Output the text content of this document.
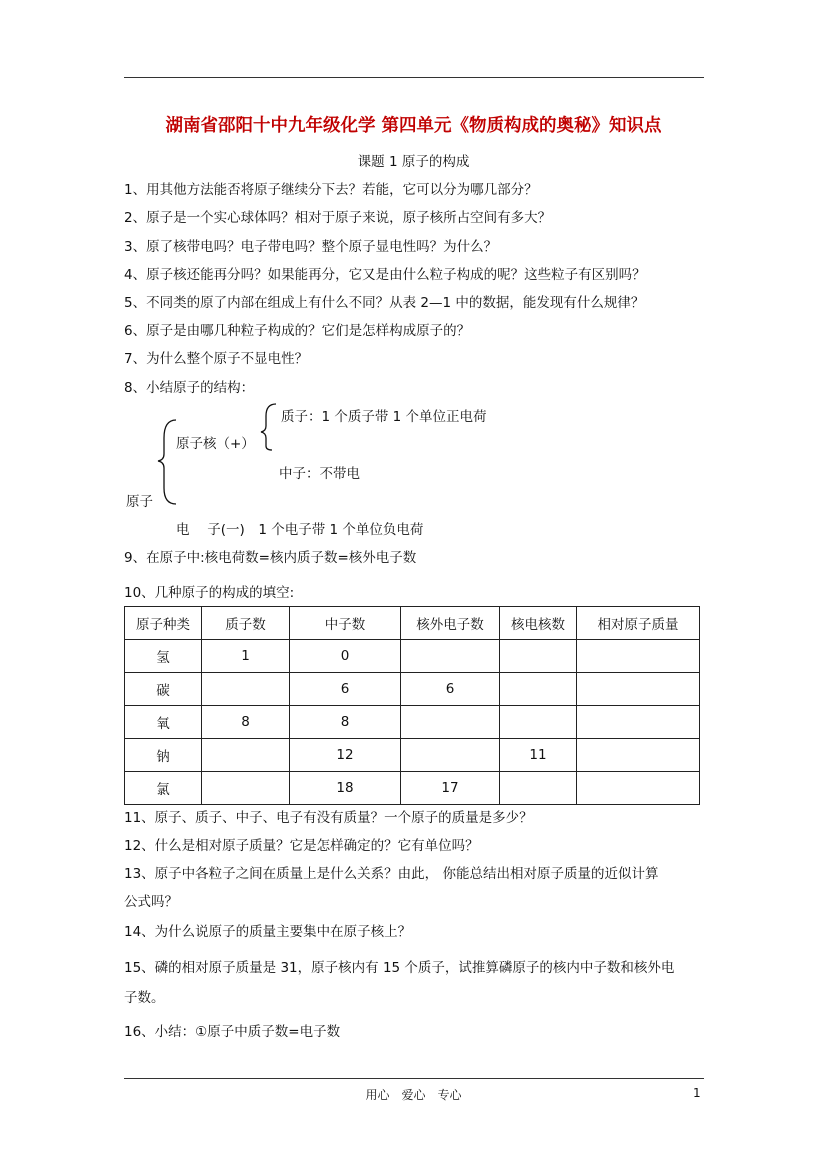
湖南省邵阳十中九年级化学 第四单元《物质构成的奥秘》知识点
课题 1 原子的构成
1、用其他方法能否将原子继续分下去？若能，它可以分为哪几部分？
2、原子是一个实心球体吗？相对于原子来说，原子核所占空间有多大？
3、原了核带电吗？电子带电吗？整个原子显电性吗？为什么？
4、原子核还能再分吗？如果能再分，它又是由什么粒子构成的呢？这些粒子有区别吗？
5、不同类的原了内部在组成上有什么不同？从表 2—1 中的数据，能发现有什么规律？
6、原子是由哪几种粒子构成的？它们是怎样构成原子的？
7、为什么整个原子不显电性？
8、小结原子的结构：
质子：1 个质子带 1 个单位正电荷
原子核（+）
中子：不带电
原子
电　 子(一)　1 个电子带 1 个单位负电荷
9、在原子中:核电荷数=核内质子数=核外电子数
10、几种原子的构成的填空:
原子种类	质子数	中子数	核外电子数	核电核数	相对原子质量
氢	1	0			
碳		6	6		
氧	8	8			
钠		12		11	
氯		18	17		
11、原子、质子、中子、电子有没有质量？一个原子的质量是多少？
12、什么是相对原子质量？它是怎样确定的？它有单位吗？
13、原子中各粒子之间在质量上是什么关系？由此， 你能总结出相对原子质量的近似计算
公式吗？
14、为什么说原子的质量主要集中在原子核上？
15、磷的相对原子质量是 31，原子核内有 15 个质子，试推算磷原子的核内中子数和核外电
子数。
16、小结：①原子中质子数=电子数
用心　爱心　专心	1
